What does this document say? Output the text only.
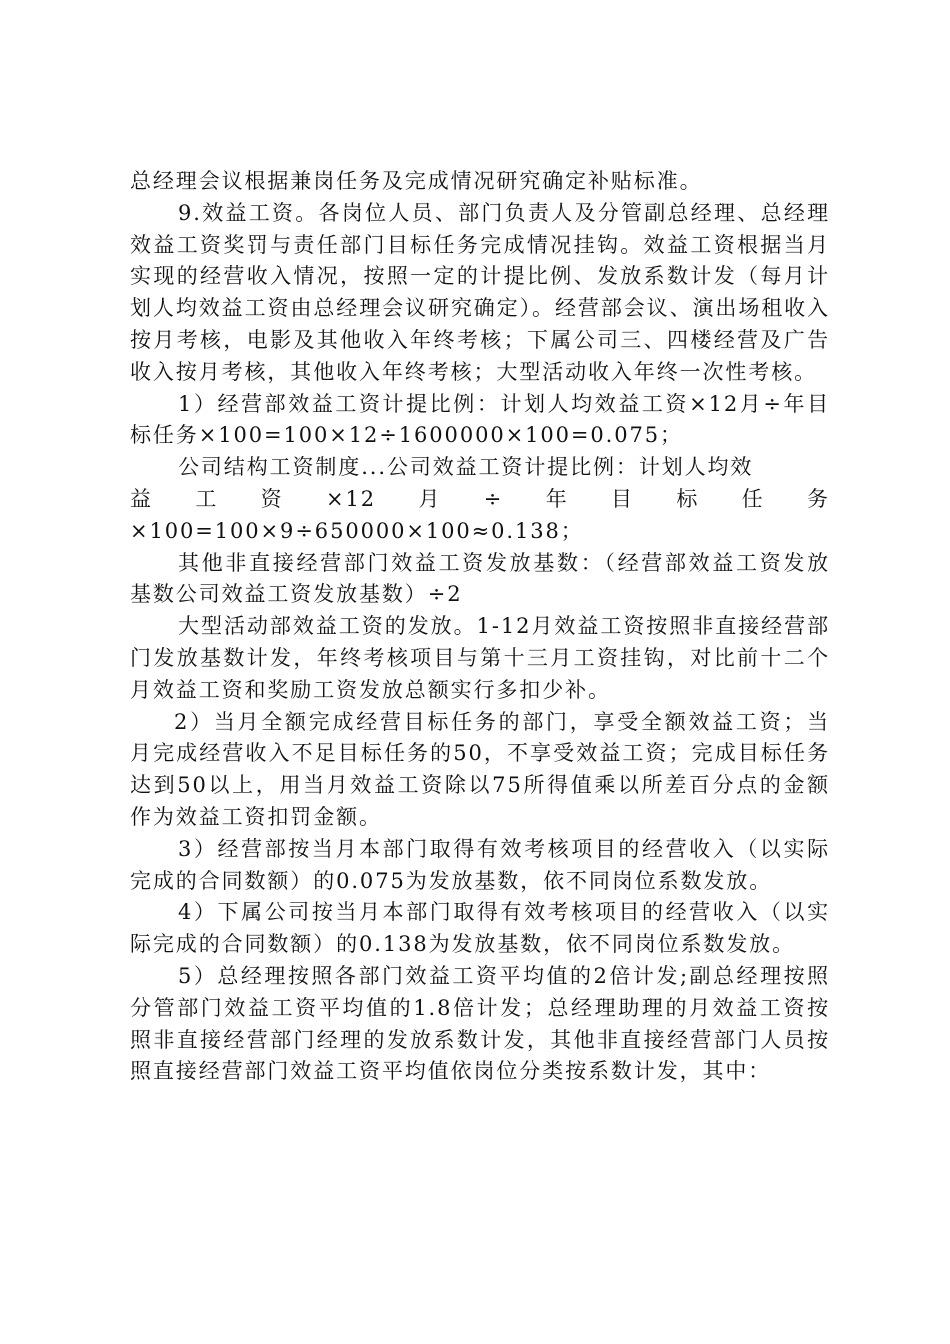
总经理会议根据兼岗任务及完成情况研究确定补贴标准。

9.效益工资。各岗位人员、部门负责人及分管副总经理、总经理效益工资奖罚与责任部门目标任务完成情况挂钩。效益工资根据当月实现的经营收入情况，按照一定的计提比例、发放系数计发（每月计划人均效益工资由总经理会议研究确定）。经营部会议、演出场租收入按月考核，电影及其他收入年终考核；下属公司三、四楼经营及广告收入按月考核，其他收入年终考核；大型活动收入年终一次性考核。

1）经营部效益工资计提比例：计划人均效益工资×12月÷年目标任务×100=100×12÷1600000×100=0.075；

公司结构工资制度...公司效益工资计提比例：计划人均效

益 工 资 ×12 月 ÷ 年 目 标 任 务

×100=100×9÷650000×100≈0.138；

其他非直接经营部门效益工资发放基数：（经营部效益工资发放基数公司效益工资发放基数）÷2

大型活动部效益工资的发放。1-12月效益工资按照非直接经营部门发放基数计发，年终考核项目与第十三月工资挂钩，对比前十二个月效益工资和奖励工资发放总额实行多扣少补。

2）当月全额完成经营目标任务的部门，享受全额效益工资；当月完成经营收入不足目标任务的50，不享受效益工资；完成目标任务达到50以上，用当月效益工资除以75所得值乘以所差百分点的金额作为效益工资扣罚金额。

3）经营部按当月本部门取得有效考核项目的经营收入（以实际完成的合同数额）的0.075为发放基数，依不同岗位系数发放。

4）下属公司按当月本部门取得有效考核项目的经营收入（以实际完成的合同数额）的0.138为发放基数，依不同岗位系数发放。

5）总经理按照各部门效益工资平均值的2倍计发;副总经理按照分管部门效益工资平均值的1.8倍计发；总经理助理的月效益工资按照非直接经营部门经理的发放系数计发，其他非直接经营部门人员按照直接经营部门效益工资平均值依岗位分类按系数计发，其中：
